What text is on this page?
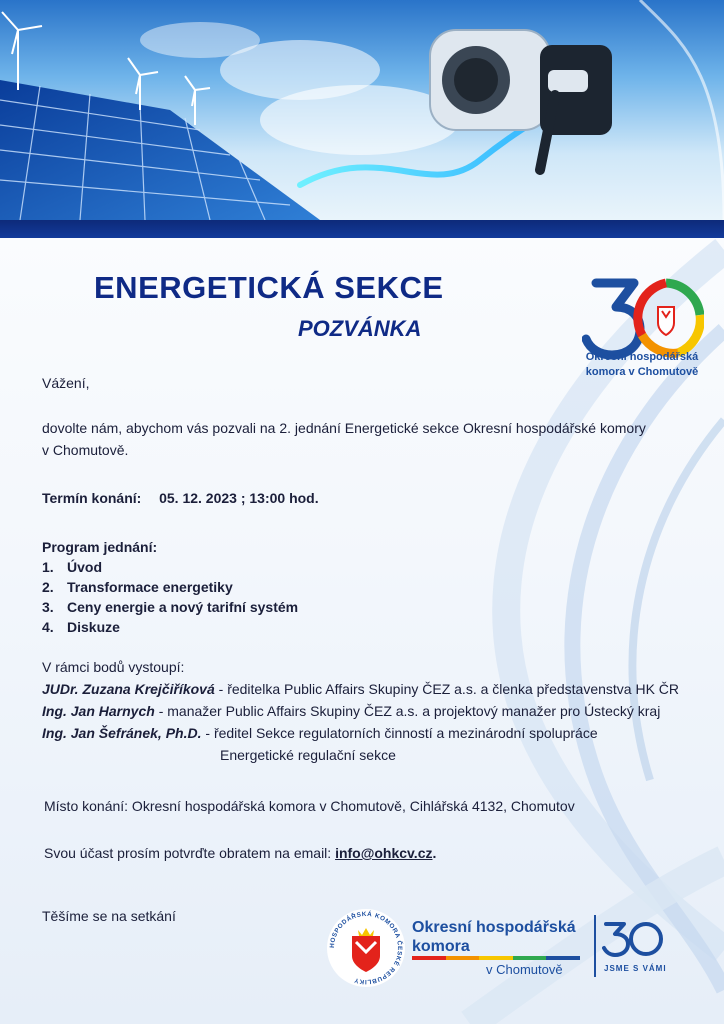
ENERGETICKÁ SEKCE
POZVÁNKA
Okresní hospodářská
komora v Chomutově

Vážení,

dovolte nám, abychom vás pozvali na 2. jednání Energetické sekce Okresní hospodářské komory

v Chomutově.

Termín konání: 05. 12. 2023 ; 13:00 hod.

Program jednání:

1. Úvod
2. Transformace energetiky
3. Ceny energie a nový tarifní systém
4. Diskuze

V rámci bodů vystoupí:

JUDr. Zuzana Krejčiříková - ředitelka Public Affairs Skupiny ČEZ a.s. a členka představenstva HK ČR

Ing. Jan Harnych - manažer Public Affairs Skupiny ČEZ a.s. a projektový manažer pro Ústecký kraj

Ing. Jan Šefránek, Ph.D. - ředitel Sekce regulatorních činností a mezinárodní spolupráce

Energetické regulační sekce

Místo konání: Okresní hospodářská komora v Chomutově, Cihlářská 4132, Chomutov

Svou účast prosím potvrďte obratem na email: info@ohkcv.cz.

Těšíme se na setkání

HOSPODÁŘSKÁ KOMORA ČESKÉ REPUBLIKY
Okresní hospodářská
komora
v Chomutově	JSME S VÁMI
